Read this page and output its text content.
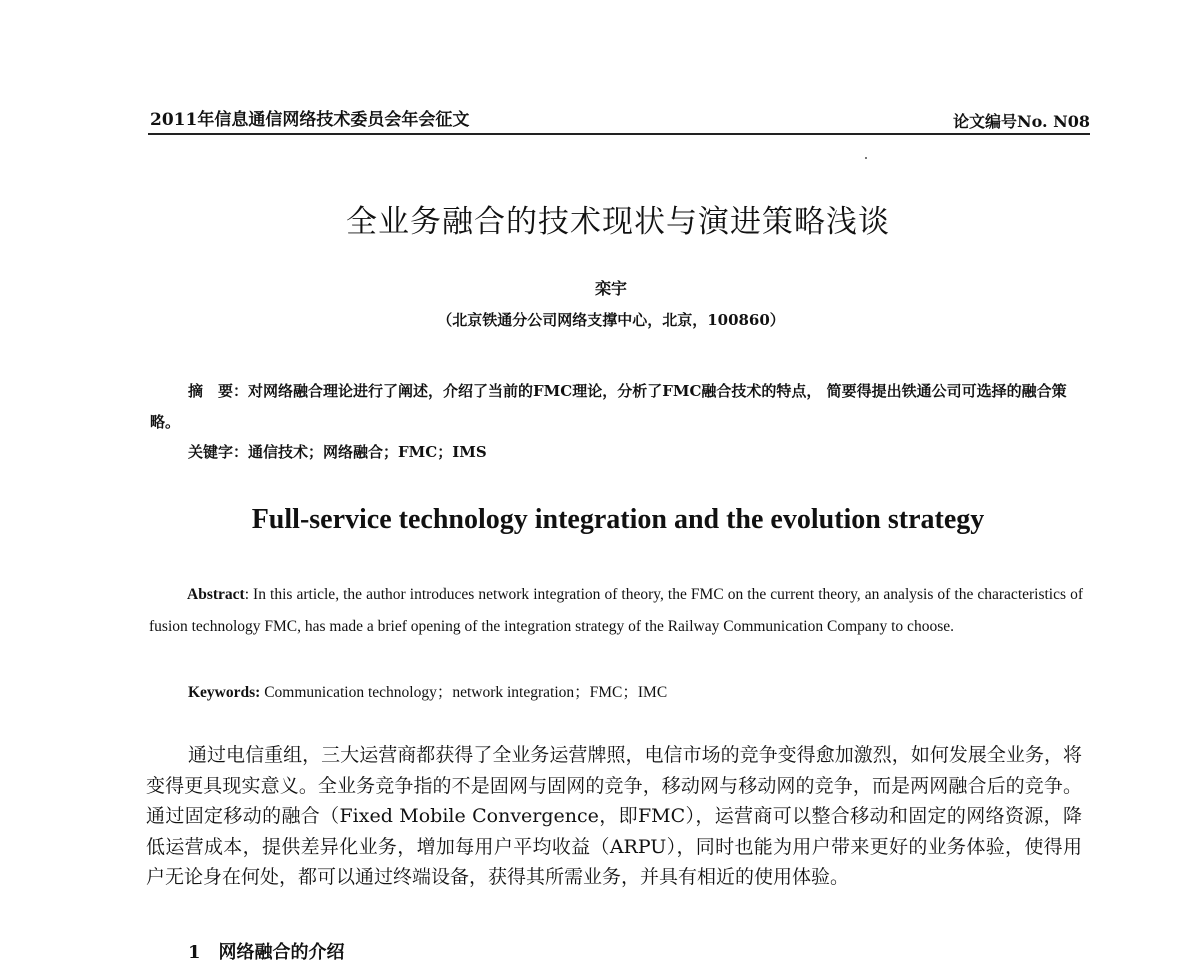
2011年信息通信网络技术委员会年会征文	论文编号No. N08
全业务融合的技术现状与演进策略浅谈
栾宇
（北京铁通分公司网络支撑中心，北京，100860）
摘　要：对网络融合理论进行了阐述，介绍了当前的FMC理论，分析了FMC融合技术的特点， 简要得提出铁通公司可选择的融合策略。
关键字：通信技术；网络融合；FMC；IMS
Full-service technology integration and the evolution strategy
Abstract: In this article, the author introduces network integration of theory, the FMC on the current theory, an analysis of the characteristics of fusion technology FMC, has made a brief opening of the integration strategy of the Railway Communication Company to choose.
Keywords: Communication technology；network integration；FMC；IMC
通过电信重组，三大运营商都获得了全业务运营牌照，电信市场的竞争变得愈加激烈，如何发展全业务，将变得更具现实意义。全业务竞争指的不是固网与固网的竞争，移动网与移动网的竞争，而是两网融合后的竞争。通过固定移动的融合（Fixed Mobile Convergence，即FMC），运营商可以整合移动和固定的网络资源，降低运营成本，提供差异化业务，增加每用户平均收益（ARPU），同时也能为用户带来更好的业务体验，使得用户无论身在何处，都可以通过终端设备，获得其所需业务，并具有相近的使用体验。
1　网络融合的介绍
